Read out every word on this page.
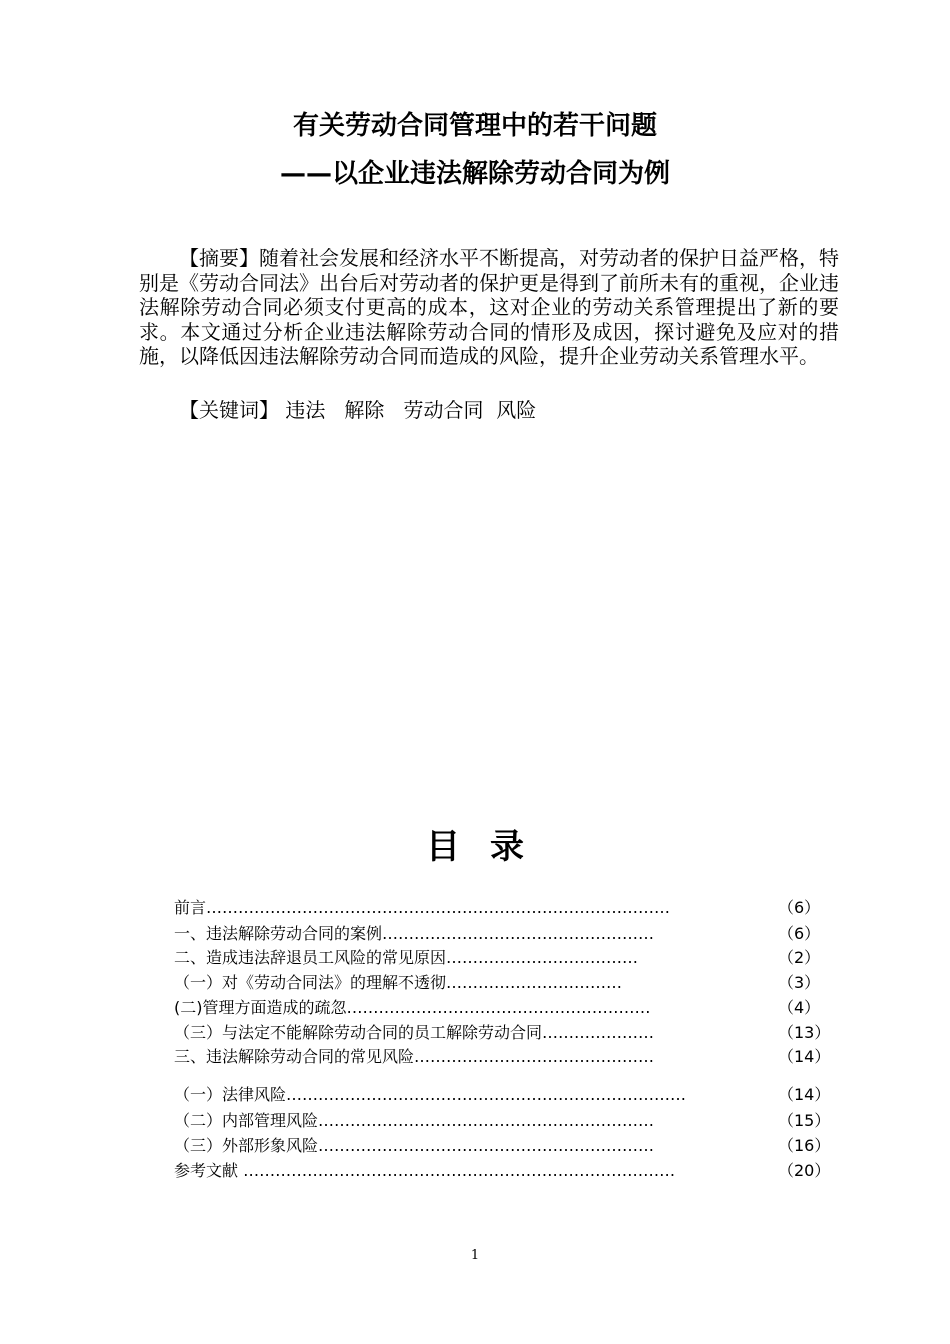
有关劳动合同管理中的若干问题
——以企业违法解除劳动合同为例

【摘要】随着社会发展和经济水平不断提高，对劳动者的保护日益严格，特别是《劳动合同法》出台后对劳动者的保护更是得到了前所未有的重视，企业违法解除劳动合同必须支付更高的成本，这对企业的劳动关系管理提出了新的要求。本文通过分析企业违法解除劳动合同的情形及成因，探讨避免及应对的措施，以降低因违法解除劳动合同而造成的风险，提升企业劳动关系管理水平。

【关键词】 违法   解除   劳动合同  风险

目录
前言……………………………………………………………………………	（6）
一、违法解除劳动合同的案例……………………………………………	（6）
二、造成违法辞退员工风险的常见原因………………………………	（2）
（一）对《劳动合同法》的理解不透彻……………………………	（3）
(二)管理方面造成的疏忽…………………………………………………	（4）
（三）与法定不能解除劳动合同的员工解除劳动合同…………………	（13）
三、违法解除劳动合同的常见风险………………………………………	（14）
（一）法律风险…………………………………………………………………	（14）
（二）内部管理风险………………………………………………………	（15）
（三）外部形象风险………………………………………………………	（16）
参考文献 ………………………………………………………………………	（20）
1
